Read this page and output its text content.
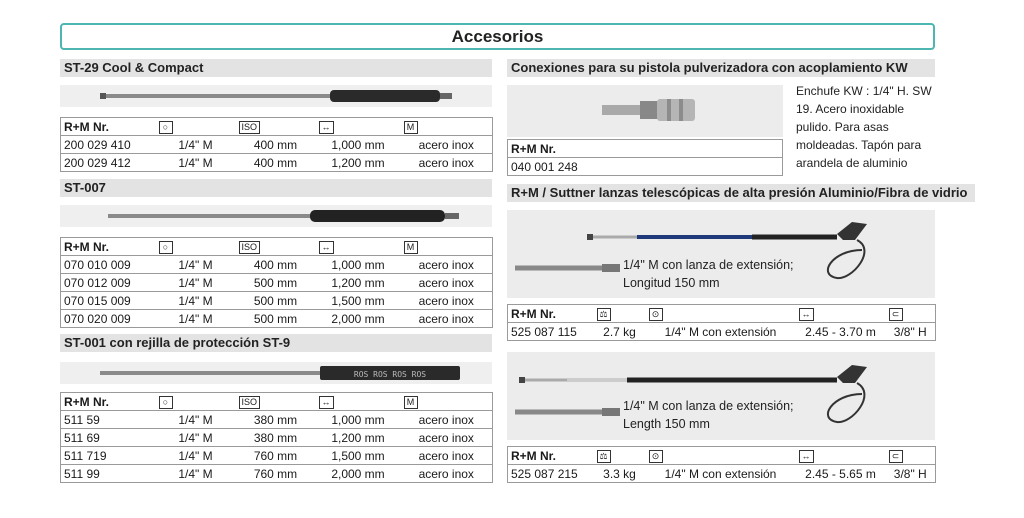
Accesorios
ST-29 Cool & Compact
R+M Nr.	○	ISO	↔	M
200 029 410	1/4" M	400 mm	1,000 mm	acero inox
200 029 412	1/4" M	400 mm	1,200 mm	acero inox
ST-007
R+M Nr.	○	ISO	↔	M
070 010 009	1/4" M	400 mm	1,000 mm	acero inox
070 012 009	1/4" M	500 mm	1,200 mm	acero inox
070 015 009	1/4" M	500 mm	1,500 mm	acero inox
070 020 009	1/4" M	500 mm	2,000 mm	acero inox
ST-001 con rejilla de protección ST-9
ROS ROS ROS ROS
R+M Nr.	○	ISO	↔	M
511 59	1/4" M	380 mm	1,000 mm	acero inox
511 69	1/4" M	380 mm	1,200 mm	acero inox
511 719	1/4" M	760 mm	1,500 mm	acero inox
511 99	1/4" M	760 mm	2,000 mm	acero inox
Conexiones para su pistola pulverizadora con acoplamiento KW
Enchufe KW : 1/4" H. SW
19. Acero inoxidable
pulido. Para asas
moldeadas. Tapón para
arandela de aluminio
R+M Nr.
040 001 248
R+M / Suttner lanzas telescópicas de alta presión Aluminio/Fibra de vidrio
1/4" M con lanza de extensión;
Longitud 150 mm
R+M Nr.	⚖	⊙	↔	⊂
525 087 115	2.7 kg	1/4" M con extensión	2.45 - 3.70 m	3/8" H
1/4" M con lanza de extensión;
Length 150 mm
R+M Nr.	⚖	⊙	↔	⊂
525 087 215	3.3 kg	1/4" M con extensión	2.45 - 5.65 m	3/8" H
